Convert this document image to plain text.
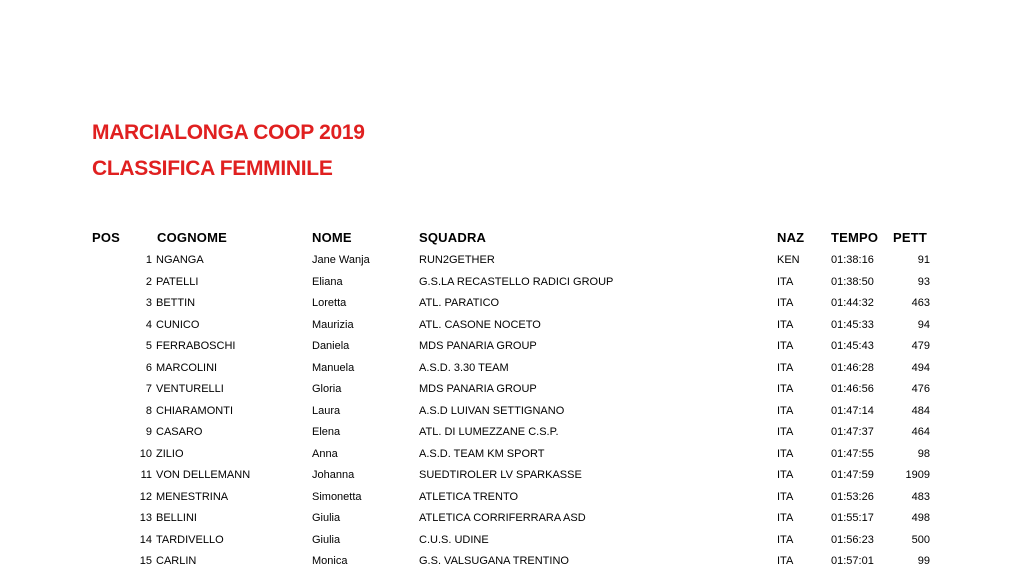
MARCIALONGA COOP 2019
CLASSIFICA FEMMINILE
POS	COGNOME	NOME	SQUADRA	NAZ TEMPO PETT
1 NGANGA	Jane Wanja	RUN2GETHER	KEN	01:38:16	91
2 PATELLI	Eliana	G.S.LA RECASTELLO RADICI GROUP	ITA	01:38:50	93
3 BETTIN	Loretta	ATL. PARATICO	ITA	01:44:32	463
4 CUNICO	Maurizia	ATL. CASONE NOCETO	ITA	01:45:33	94
5 FERRABOSCHI	Daniela	MDS PANARIA GROUP	ITA	01:45:43	479
6 MARCOLINI	Manuela	A.S.D. 3.30 TEAM	ITA	01:46:28	494
7 VENTURELLI	Gloria	MDS PANARIA GROUP	ITA	01:46:56	476
8 CHIARAMONTI	Laura	A.S.D LUIVAN SETTIGNANO	ITA	01:47:14	484
9 CASARO	Elena	ATL. DI LUMEZZANE C.S.P.	ITA	01:47:37	464
10 ZILIO	Anna	A.S.D. TEAM KM SPORT	ITA	01:47:55	98
11 VON DELLEMANN	Johanna	SUEDTIROLER LV SPARKASSE	ITA	01:47:59	1909
12 MENESTRINA	Simonetta	ATLETICA TRENTO	ITA	01:53:26	483
13 BELLINI	Giulia	ATLETICA CORRIFERRARA ASD	ITA	01:55:17	498
14 TARDIVELLO	Giulia	C.U.S. UDINE	ITA	01:56:23	500
15 CARLIN	Monica	G.S. VALSUGANA TRENTINO	ITA	01:57:01	99
